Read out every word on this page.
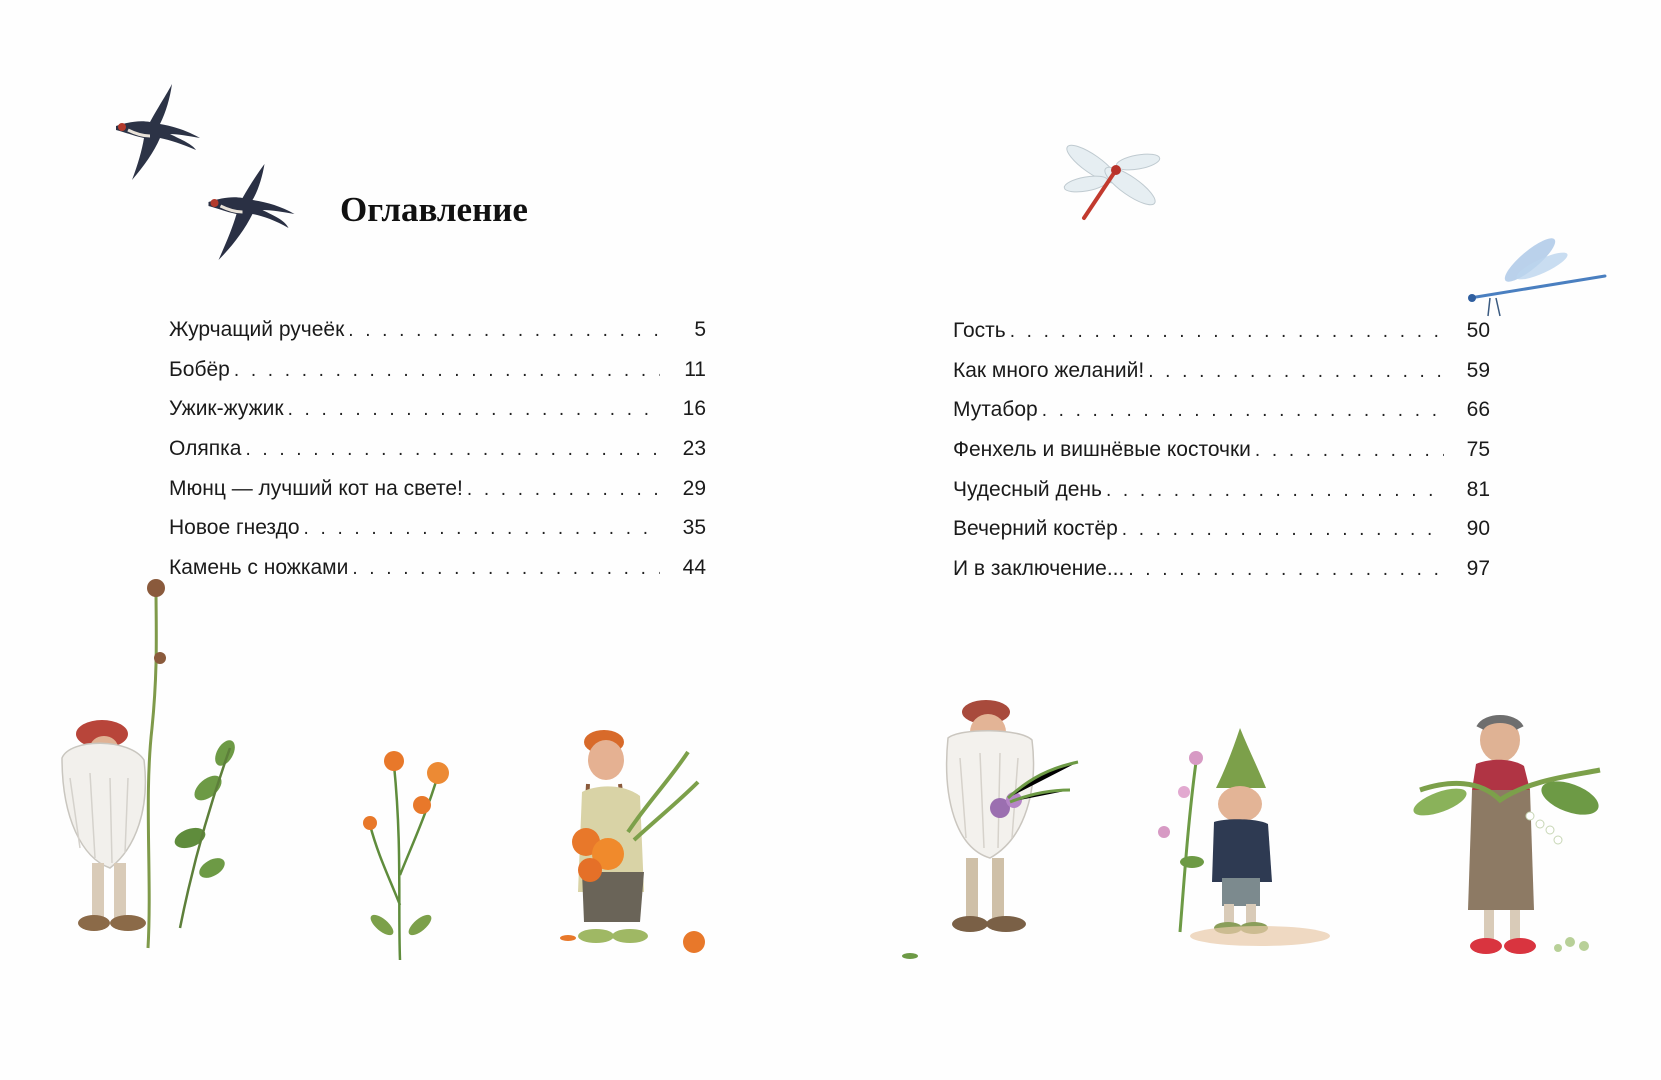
Оглавление
Журчащий ручеёк . . .	5
Бобёр . . .	11
Ужик-жужик . . .	16
Оляпка . . .	23
Мюнц — лучший кот на свете! . . .	29
Новое гнездо . . .	35
Камень с ножками . . .	44
Гость . . .	50
Как много желаний! . . .	59
Мутабор . . .	66
Фенхель и вишнёвые косточки . . .	75
Чудесный день . . .	81
Вечерний костёр . . .	90
И в заключение... . . .	97
